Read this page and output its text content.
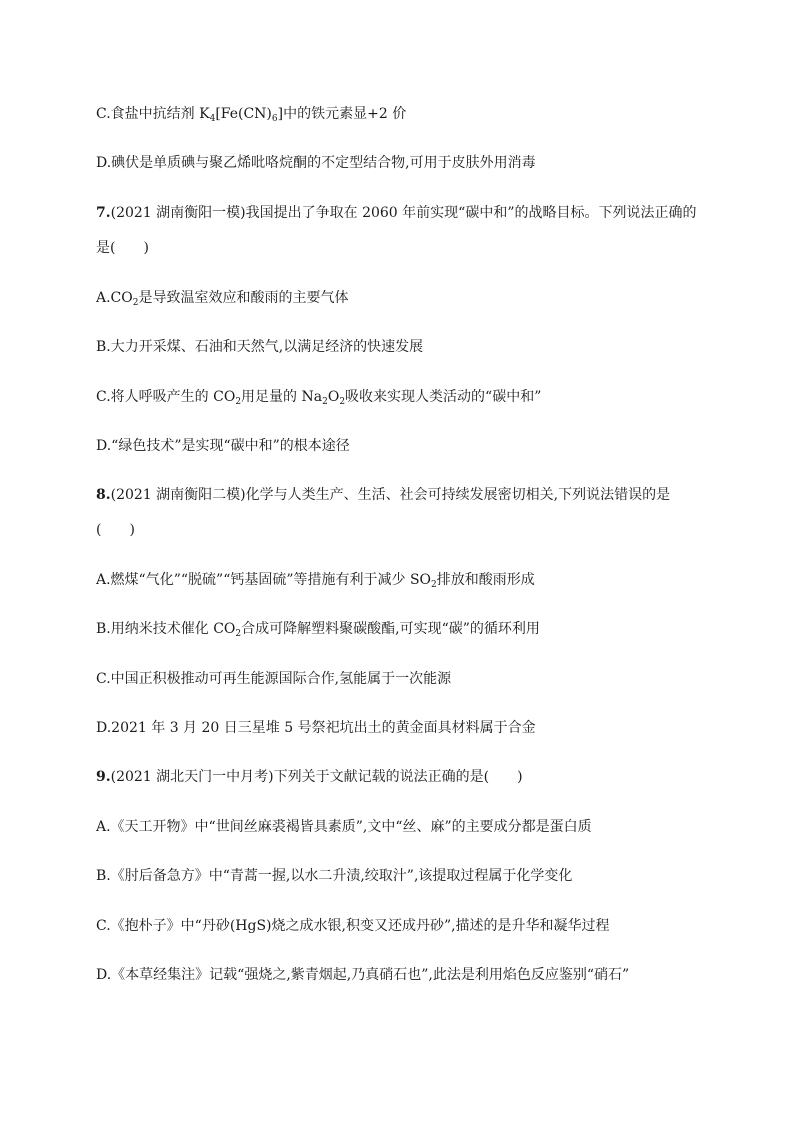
C.食盐中抗结剂 $K_4[Fe(CN)_6]$中的铁元素显+2 价
D.碘伏是单质碘与聚乙烯吡咯烷酮的不定型结合物,可用于皮肤外用消毒
7.(2021 湖南衡阳一模)我国提出了争取在 2060 年前实现“碳中和”的战略目标。下列说法正确的
是(　　)
$A.CO_2$是导致温室效应和酸雨的主要气体
B.大力开采煤、石油和天然气,以满足经济的快速发展
C.将人呼吸产生的 $CO_2$用足量的 $Na_2O_2$吸收来实现人类活动的“碳中和”
D.“绿色技术”是实现“碳中和”的根本途径
8.(2021 湖南衡阳二模)化学与人类生产、生活、社会可持续发展密切相关,下列说法错误的是
(　　)
A.燃煤“气化”“脱硫”“钙基固硫”等措施有利于减少 $SO_2$排放和酸雨形成
B.用纳米技术催化 $CO_2$合成可降解塑料聚碳酸酯,可实现“碳”的循环利用
C.中国正积极推动可再生能源国际合作,氢能属于一次能源
D.2021 年 3 月 20 日三星堆 5 号祭祀坑出土的黄金面具材料属于合金
9.(2021 湖北天门一中月考)下列关于文献记载的说法正确的是(　　)
A.《天工开物》中“世间丝麻裘褐皆具素质”,文中“丝、麻”的主要成分都是蛋白质
B.《肘后备急方》中“青蒿一握,以水二升渍,绞取汁”,该提取过程属于化学变化
C.《抱朴子》中“丹砂(HgS)烧之成水银,积变又还成丹砂”,描述的是升华和凝华过程
D.《本草经集注》记载“强烧之,紫青烟起,乃真硝石也”,此法是利用焰色反应鉴别“硝石”
